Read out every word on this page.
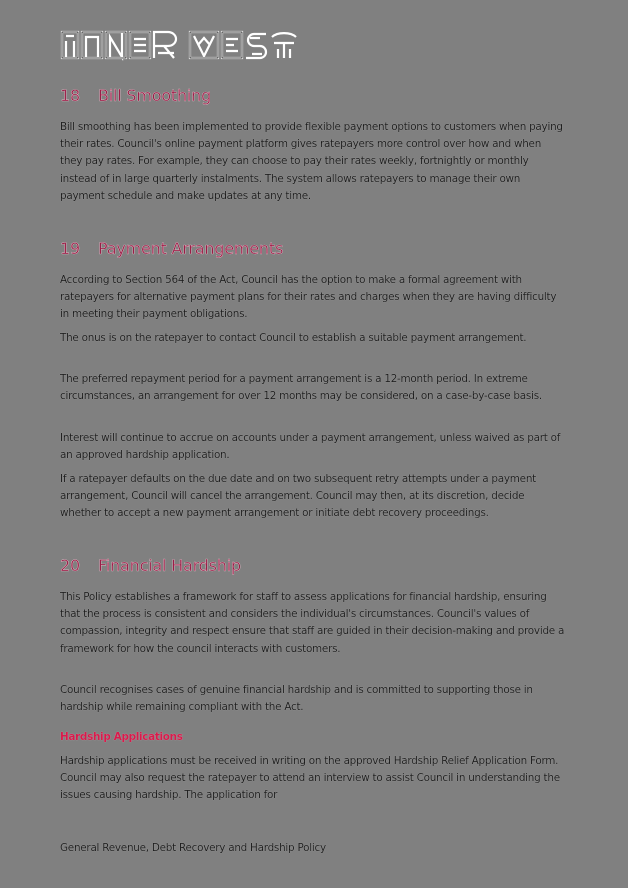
18	Bill Smoothing
Bill smoothing has been implemented to provide flexible payment options to customers when paying their rates. Council's online payment platform gives ratepayers more control over how and when they pay rates. For example, they can choose to pay their rates weekly, fortnightly or monthly instead of in large quarterly instalments. The system allows ratepayers to manage their own payment schedule and make updates at any time.
19	Payment Arrangements
According to Section 564 of the Act, Council has the option to make a formal agreement with ratepayers for alternative payment plans for their rates and charges when they are having difficulty in meeting their payment obligations.
The onus is on the ratepayer to contact Council to establish a suitable payment arrangement.
The preferred repayment period for a payment arrangement is a 12-month period. In extreme circumstances, an arrangement for over 12 months may be considered, on a case-by-case basis.
Interest will continue to accrue on accounts under a payment arrangement, unless waived as part of an approved hardship application.
If a ratepayer defaults on the due date and on two subsequent retry attempts under a payment arrangement, Council will cancel the arrangement. Council may then, at its discretion, decide whether to accept a new payment arrangement or initiate debt recovery proceedings.
20	Financial Hardship
This Policy establishes a framework for staff to assess applications for financial hardship, ensuring that the process is consistent and considers the individual's circumstances. Council's values of compassion, integrity and respect ensure that staff are guided in their decision-making and provide a framework for how the council interacts with customers.
Council recognises cases of genuine financial hardship and is committed to supporting those in hardship while remaining compliant with the Act.
Hardship Applications
Hardship applications must be received in writing on the approved Hardship Relief Application Form. Council may also request the ratepayer to attend an interview to assist Council in understanding the issues causing hardship. The application for
General Revenue, Debt Recovery and Hardship Policy
